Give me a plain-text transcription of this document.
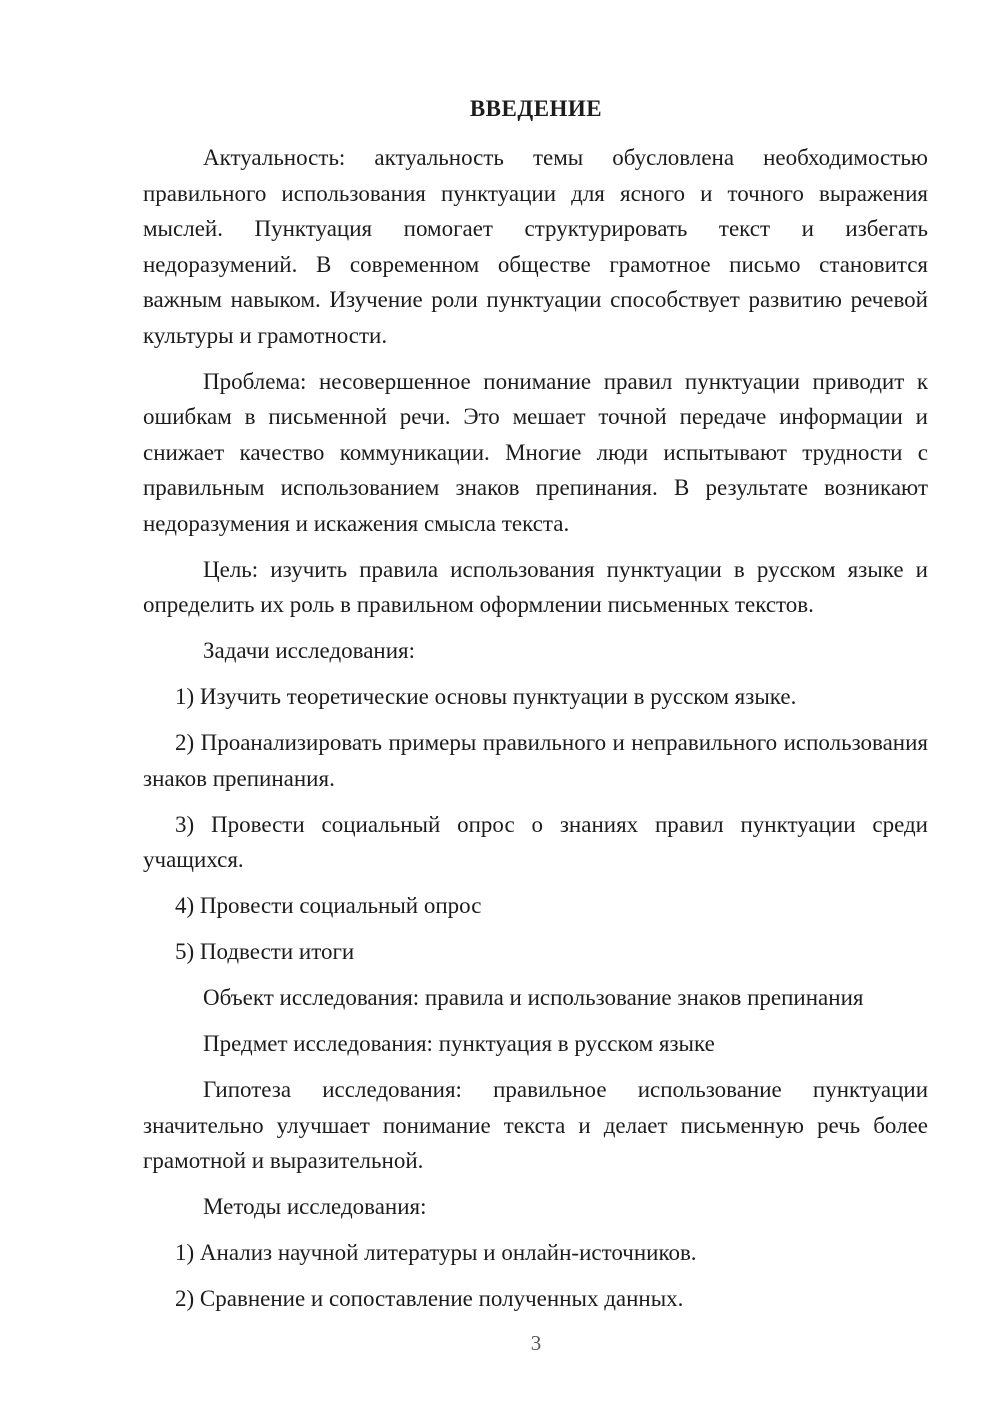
ВВЕДЕНИЕ

Актуальность: актуальность темы обусловлена необходимостью правильного использования пунктуации для ясного и точного выражения мыслей. Пунктуация помогает структурировать текст и избегать недоразумений. В современном обществе грамотное письмо становится важным навыком. Изучение роли пунктуации способствует развитию речевой культуры и грамотности.

Проблема: несовершенное понимание правил пунктуации приводит к ошибкам в письменной речи. Это мешает точной передаче информации и снижает качество коммуникации. Многие люди испытывают трудности с правильным использованием знаков препинания. В результате возникают недоразумения и искажения смысла текста.

Цель: изучить правила использования пунктуации в русском языке и определить их роль в правильном оформлении письменных текстов.

Задачи исследования:

1) Изучить теоретические основы пунктуации в русском языке.

2) Проанализировать примеры правильного и неправильного использования знаков препинания.

3) Провести социальный опрос о знаниях правил пунктуации среди учащихся.

4) Провести социальный опрос

5) Подвести итоги

Объект исследования: правила и использование знаков препинания

Предмет исследования: пунктуация в русском языке

Гипотеза исследования: правильное использование пунктуации значительно улучшает понимание текста и делает письменную речь более грамотной и выразительной.

Методы исследования:

1) Анализ научной литературы и онлайн-источников.

2) Сравнение и сопоставление полученных данных.

3
